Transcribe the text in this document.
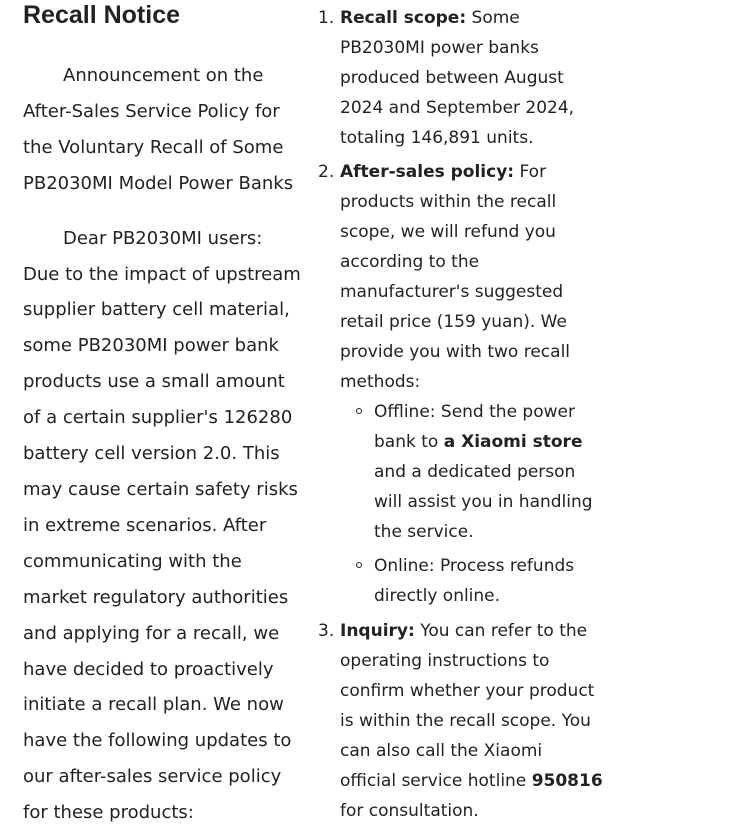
Recall Notice

Announcement on the After-Sales Service Policy for the Voluntary Recall of Some PB2030MI Model Power Banks

Dear PB2030MI users:
Due to the impact of upstream supplier battery cell material, some PB2030MI power bank products use a small amount of a certain supplier's 126280 battery cell version 2.0. This may cause certain safety risks in extreme scenarios. After communicating with the market regulatory authorities and applying for a recall, we have decided to proactively initiate a recall plan. We now have the following updates to our after-sales service policy for these products:

1. Recall scope: Some PB2030MI power banks produced between August 2024 and September 2024, totaling 146,891 units.
2. After-sales policy: For products within the recall scope, we will refund you according to the manufacturer's suggested retail price (159 yuan). We provide you with two recall methods:
Offline: Send the power bank to a Xiaomi store and a dedicated person will assist you in handling the service.
Online: Process refunds directly online.
3. Inquiry: You can refer to the operating instructions to confirm whether your product is within the recall scope. You can also call the Xiaomi official service hotline 950816 for consultation.
